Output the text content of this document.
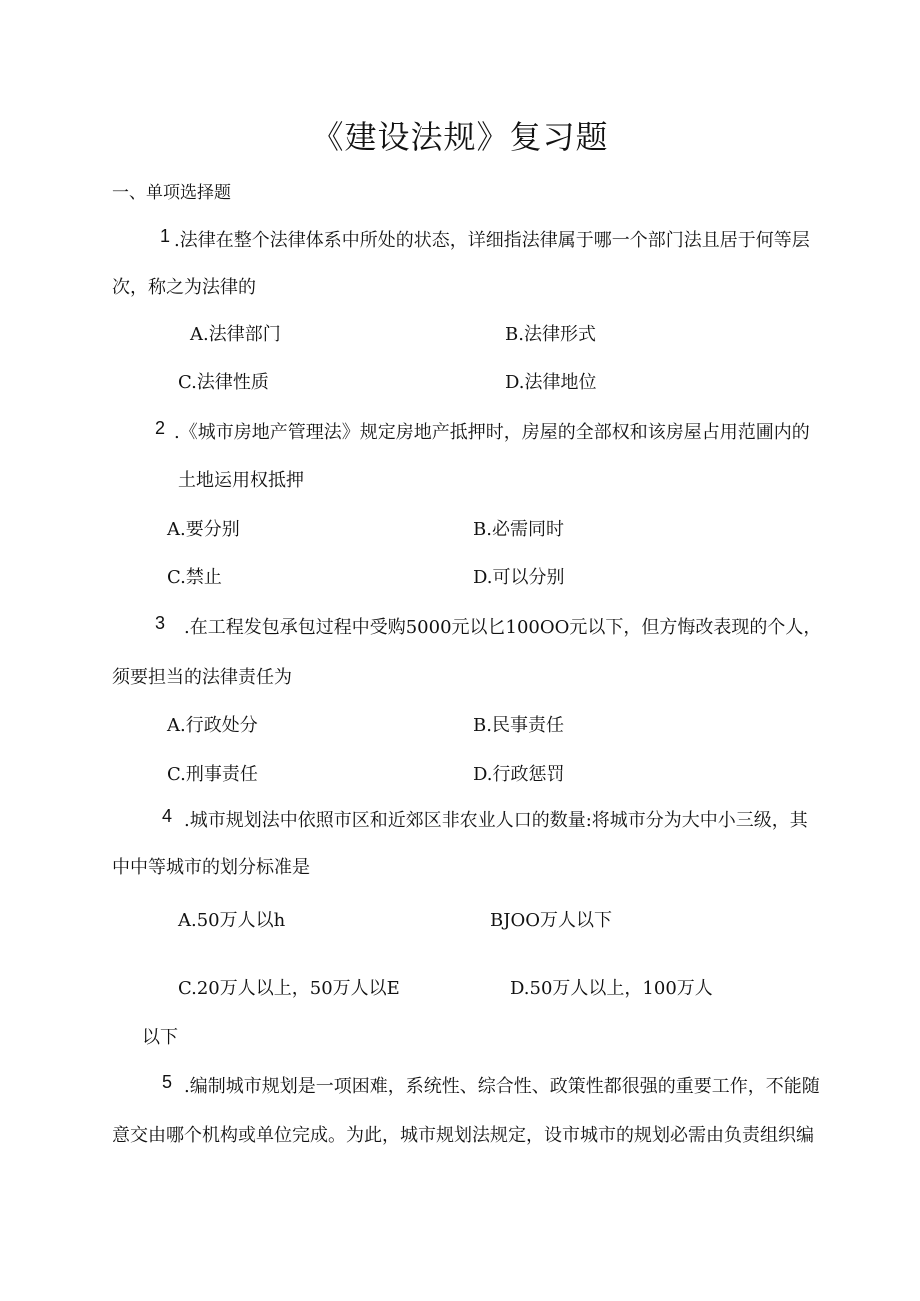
《建设法规》复习题
一、单项选择题
1 .法律在整个法律体系中所处的状态，详细指法律属于哪一个部门法且居于何等层
次，称之为法律的
A.法律部门	B.法律形式
C.法律性质	D.法律地位
2 .《城市房地产管理法》规定房地产抵押时，房屋的全部权和该房屋占用范圃内的
土地运用权抵押
A.要分别	B.必需同时
C.禁止	D.可以分别
3 .在工程发包承包过程中受购5000元以匕100OO元以下，但方悔改表现的个人，
须要担当的法律责任为
A.行政处分	B.民事责任
C.刑事责任	D.行政惩罚
4 .城市规划法中依照市区和近郊区非农业人口的数量:将城市分为大中小三级，其
中中等城市的划分标准是
A.50万人以h	BJOO万人以下
C.20万人以上，50万人以E	D.50万人以上，100万人
以下
5 .编制城市规划是一项困难，系统性、综合性、政策性都很强的重要工作，不能随
意交由哪个机构或单位完成。为此，城市规划法规定，设市城市的规划必需由负责组织编
